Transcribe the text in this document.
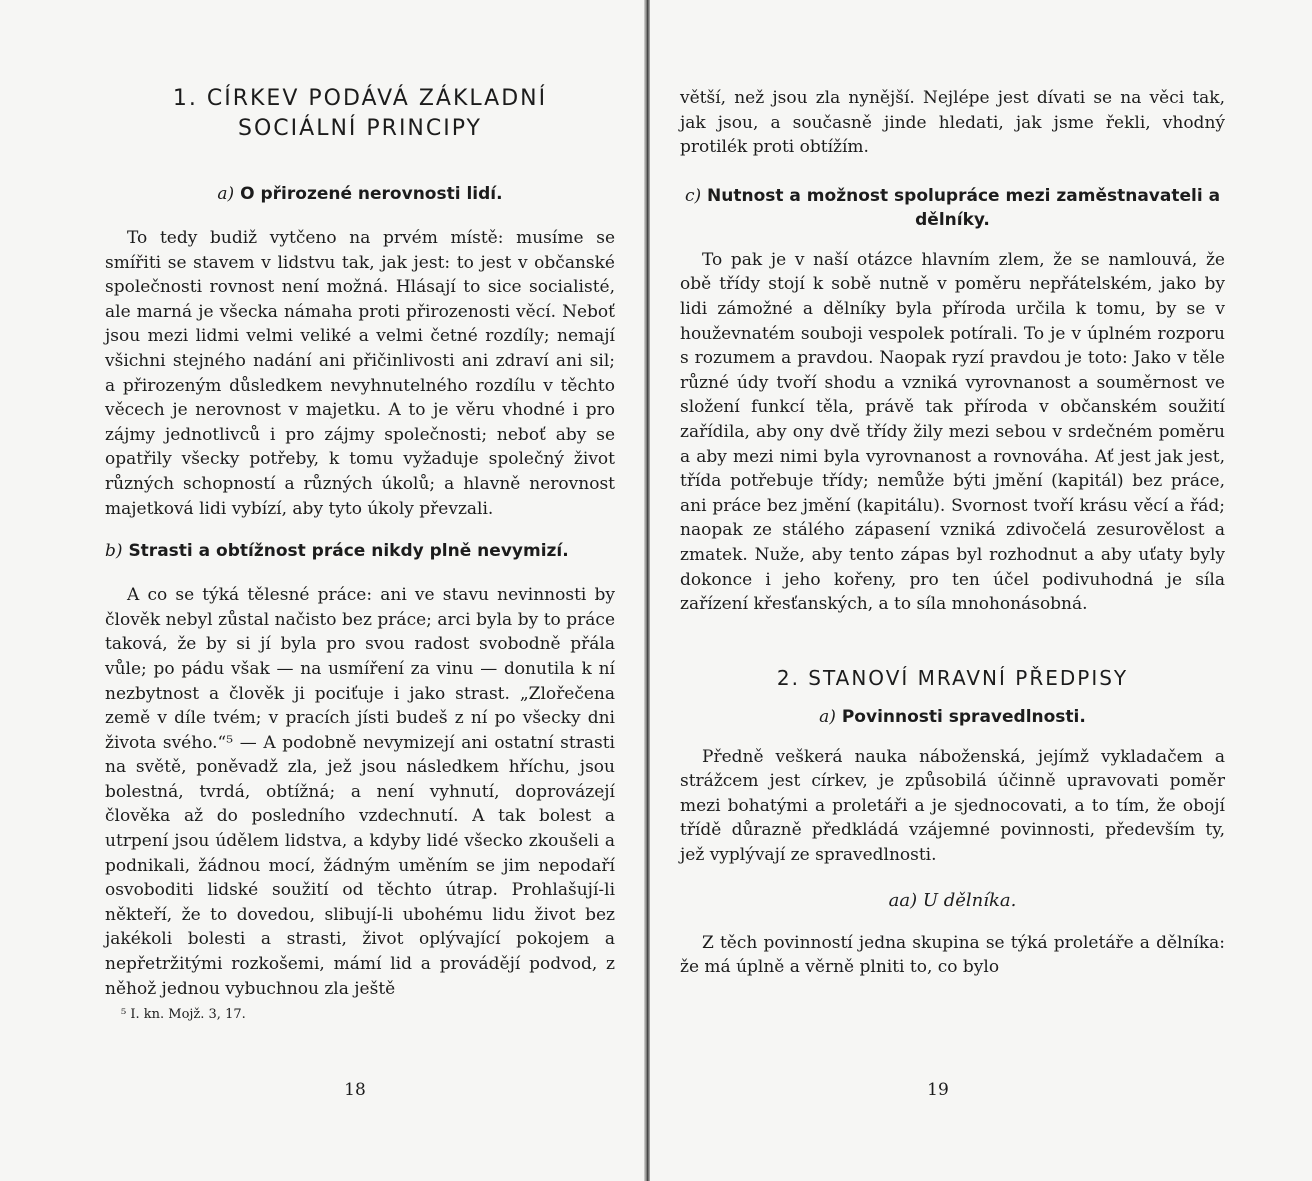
1. CÍRKEV PODÁVÁ ZÁKLADNÍ

SOCIÁLNÍ PRINCIPY

a) O přirozené nerovnosti lidí.

To tedy budiž vytčeno na prvém místě: musíme se smířiti se stavem v lidstvu tak, jak jest: to jest v občanské společnosti rovnost není možná. Hlásají to sice socialisté, ale marná je všecka námaha proti přirozenosti věcí. Neboť jsou mezi lidmi velmi veliké a velmi četné rozdíly; nemají všichni stejného nadání ani přičinlivosti ani zdraví ani sil; a přirozeným důsledkem nevyhnutelného rozdílu v těchto věcech je nerovnost v majetku. A to je věru vhodné i pro zájmy jednotlivců i pro zájmy společnosti; neboť aby se opatřily všecky potřeby, k tomu vyžaduje společný život různých schopností a různých úkolů; a hlavně nerovnost majetková lidi vybízí, aby tyto úkoly převzali.

b) Strasti a obtížnost práce nikdy plně nevymizí.

A co se týká tělesné práce: ani ve stavu nevinnosti by člověk nebyl zůstal načisto bez práce; arci byla by to práce taková, že by si jí byla pro svou radost svobodně přála vůle; po pádu však — na usmíření za vinu — donutila k ní nezbytnost a člověk ji pociťuje i jako strast. „Zlořečena země v díle tvém; v pracích jísti budeš z ní po všecky dni života svého.“⁵ — A podobně nevymizejí ani ostatní strasti na světě, poněvadž zla, jež jsou následkem hříchu, jsou bolestná, tvrdá, obtížná; a není vyhnutí, doprovázejí člověka až do posledního vzdechnutí. A tak bolest a utrpení jsou údělem lidstva, a kdyby lidé všecko zkoušeli a podnikali, žádnou mocí, žádným uměním se jim nepodaří osvoboditi lidské soužití od těchto útrap. Prohlašují-li někteří, že to dovedou, slibují-li ubohému lidu život bez jakékoli bolesti a strasti, život oplývající pokojem a nepřetržitými rozkošemi, mámí lid a provádějí podvod, z něhož jednou vybuchnou zla ještě

⁵ I. kn. Mojž. 3, 17.

18

větší, než jsou zla nynější. Nejlépe jest dívati se na věci tak, jak jsou, a současně jinde hledati, jak jsme řekli, vhodný protilék proti obtížím.

c) Nutnost a možnost spolupráce mezi zaměstnavateli a dělníky.

To pak je v naší otázce hlavním zlem, že se namlouvá, že obě třídy stojí k sobě nutně v poměru nepřátelském, jako by lidi zámožné a dělníky byla příroda určila k tomu, by se v houževnatém souboji vespolek potírali. To je v úplném rozporu s rozumem a pravdou. Naopak ryzí pravdou je toto: Jako v těle různé údy tvoří shodu a vzniká vyrovnanost a souměrnost ve složení funkcí těla, právě tak příroda v občanském soužití zařídila, aby ony dvě třídy žily mezi sebou v srdečném poměru a aby mezi nimi byla vyrovnanost a rovnováha. Ať jest jak jest, třída potřebuje třídy; nemůže býti jmění (kapitál) bez práce, ani práce bez jmění (kapitálu). Svornost tvoří krásu věcí a řád; naopak ze stálého zápasení vzniká zdivočelá zesurovělost a zmatek. Nuže, aby tento zápas byl rozhodnut a aby uťaty byly dokonce i jeho kořeny, pro ten účel podivuhodná je síla zařízení křesťanských, a to síla mnohonásobná.

2. STANOVÍ MRAVNÍ PŘEDPISY

a) Povinnosti spravedlnosti.

Předně veškerá nauka náboženská, jejímž vykladačem a strážcem jest církev, je způsobilá účinně upravovati poměr mezi bohatými a proletáři a je sjednocovati, a to tím, že obojí třídě důrazně předkládá vzájemné povinnosti, především ty, jež vyplývají ze spravedlnosti.

aa) U dělníka.

Z těch povinností jedna skupina se týká proletáře a dělníka: že má úplně a věrně plniti to, co bylo

19
